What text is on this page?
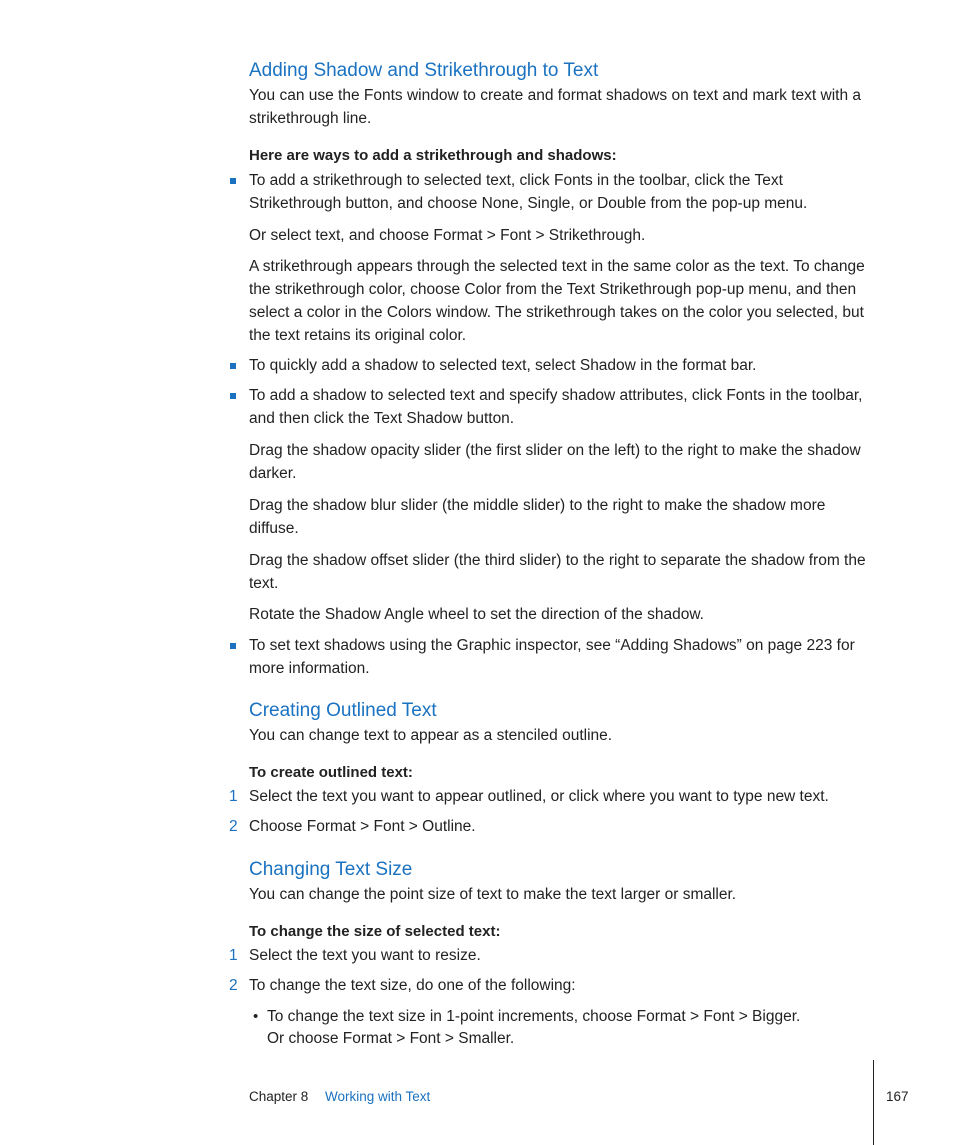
Adding Shadow and Strikethrough to Text

You can use the Fonts window to create and format shadows on text and mark text with a strikethrough line.

Here are ways to add a strikethrough and shadows:

To add a strikethrough to selected text, click Fonts in the toolbar, click the Text Strikethrough button, and choose None, Single, or Double from the pop-up menu.

Or select text, and choose Format > Font > Strikethrough.

A strikethrough appears through the selected text in the same color as the text. To change the strikethrough color, choose Color from the Text Strikethrough pop-up menu, and then select a color in the Colors window. The strikethrough takes on the color you selected, but the text retains its original color.

To quickly add a shadow to selected text, select Shadow in the format bar.

To add a shadow to selected text and specify shadow attributes, click Fonts in the toolbar, and then click the Text Shadow button.

Drag the shadow opacity slider (the first slider on the left) to the right to make the shadow darker.

Drag the shadow blur slider (the middle slider) to the right to make the shadow more diffuse.

Drag the shadow offset slider (the third slider) to the right to separate the shadow from the text.

Rotate the Shadow Angle wheel to set the direction of the shadow.

To set text shadows using the Graphic inspector, see “Adding Shadows” on page 223 for more information.

Creating Outlined Text

You can change text to appear as a stenciled outline.

To create outlined text:

1 Select the text you want to appear outlined, or click where you want to type new text.

2 Choose Format > Font > Outline.

Changing Text Size

You can change the point size of text to make the text larger or smaller.

To change the size of selected text:

1 Select the text you want to resize.

2 To change the text size, do one of the following:

• To change the text size in 1-point increments, choose Format > Font > Bigger.

Or choose Format > Font > Smaller.

Chapter 8 Working with Text	167
